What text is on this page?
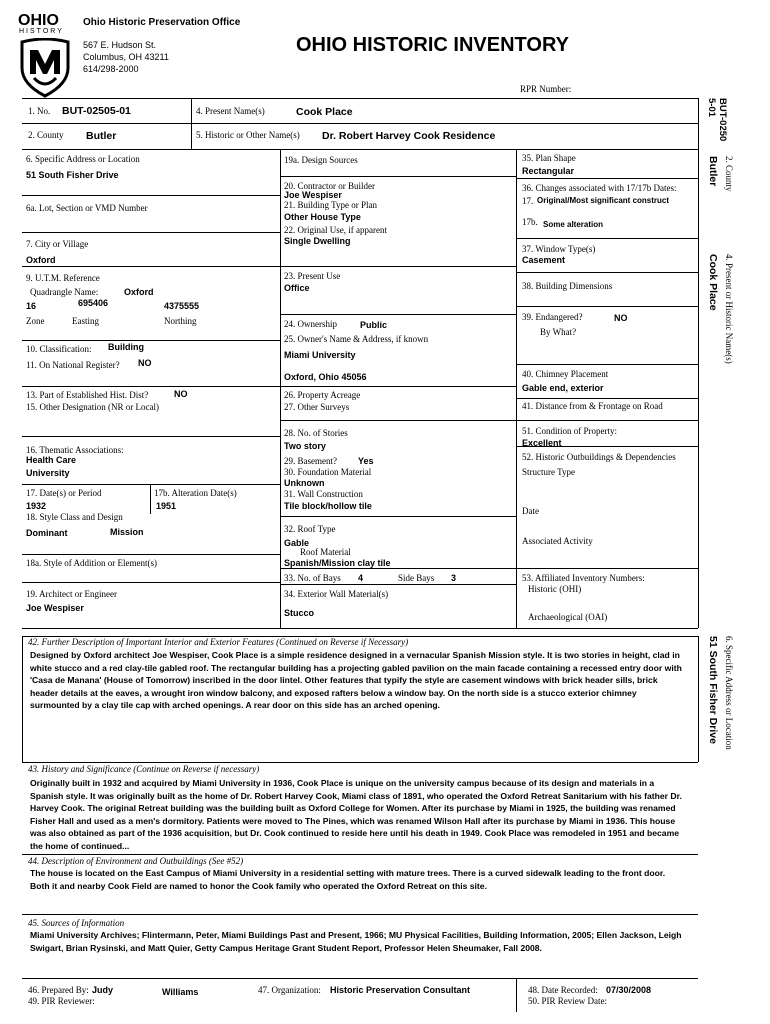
OHIO
HISTORY
Ohio Historic Preservation Office
567 E. Hudson St.
Columbus, OH 43211
614/298-2000
OHIO HISTORIC INVENTORY
RPR Number:
1. No. BUT-02505-01	4. Present Name(s)	Cook Place
2. County Butler	5. Historic or Other Name(s) Dr. Robert Harvey Cook Residence
6. Specific Address or Location
51 South Fisher Drive
6a. Lot, Section or VMD Number
7. City or Village
Oxford
9. U.T.M. Reference
Quadrangle Name:	Oxford
16	695406	4375555
Zone	Easting	Northing
10. Classification: Building
11. On National Register? NO
13. Part of Established Hist. Dist?	NO
15. Other Designation (NR or Local)
16. Thematic Associations:
Health Care
University
17. Date(s) or Period
1932
17b. Alteration Date(s)
1951
18. Style Class and Design
Dominant	Mission
18a. Style of Addition or Element(s)
19. Architect or Engineer
Joe Wespiser
19a. Design Sources
20. Contractor or Builder
Joe Wespiser
21. Building Type or Plan
Other House Type
22. Original Use, if apparent
Single Dwelling
23. Present Use
Office
24. Ownership	Public
25. Owner's Name & Address, if known
Miami University
Oxford, Ohio 45056
26. Property Acreage
27. Other Surveys
28. No. of Stories
Two story
29. Basement? Yes
30. Foundation Material
Unknown
31. Wall Construction
Tile block/hollow tile
32. Roof Type
Gable
Roof Material
Spanish/Mission clay tile
33. No. of Bays 4	Side Bays 3
34. Exterior Wall Material(s)
Stucco
35. Plan Shape
Rectangular
36. Changes associated with 17/17b Dates:
17. Original/Most significant construct
17b. Some alteration
37. Window Type(s)
Casement
38. Building Dimensions
39. Endangered?	NO
By What?
40. Chimney Placement
Gable end, exterior
41. Distance from & Frontage on Road
51. Condition of Property:
Excellent
52. Historic Outbuildings & Dependencies
Structure Type
Date
Associated Activity
53. Affiliated Inventory Numbers:
Historic (OHI)
Archaeological (OAI)
BUT-0250 5-01
2. County
Butler
4. Present or Historic Name(s)
Cook Place
6. Specific Address or Location
51 South Fisher Drive
42. Further Description of Important Interior and Exterior Features (Continued on Reverse if Necessary)
Designed by Oxford architect Joe Wespiser, Cook Place is a simple residence designed in a vernacular Spanish Mission style. It is two stories in height, clad in white stucco and a red clay-tile gabled roof. The rectangular building has a projecting gabled pavilion on the main facade containing a recessed entry door with 'Casa de Manana' (House of Tomorrow) inscribed in the door lintel. Other features that typify the style are casement windows with brick header sills, brick header details at the eaves, a wrought iron window balcony, and exposed rafters below a window bay. On the north side is a stucco exterior chimney surmounted by a clay tile cap with arched openings. A rear door on this side has an arched opening.
43. History and Significance (Continue on Reverse if necessary)
Originally built in 1932 and acquired by Miami University in 1936, Cook Place is unique on the university campus because of its design and materials in a Spanish style. It was originally built as the home of Dr. Robert Harvey Cook, Miami class of 1891, who operated the Oxford Retreat Sanitarium with his father Dr. Harvey Cook. The original Retreat building was the building built as Oxford College for Women. After its purchase by Miami in 1925, the building was renamed Fisher Hall and used as a men's dormitory. Patients were moved to The Pines, which was renamed Wilson Hall after its purchase by Miami in 1936. This house was also obtained as part of the 1936 acquisition, but Dr. Cook continued to reside here until his death in 1949. Cook Place was remodeled in 1951 and became the home of continued...
44. Description of Environment and Outbuildings (See #52)
The house is located on the East Campus of Miami University in a residential setting with mature trees. There is a curved sidewalk leading to the front door. Both it and nearby Cook Field are named to honor the Cook family who operated the Oxford Retreat on this site.
45. Sources of Information
Miami University Archives; Flintermann, Peter, Miami Buildings Past and Present, 1966; MU Physical Facilities, Building Information, 2005; Ellen Jackson, Leigh Swigart, Brian Rysinski, and Matt Quier, Getty Campus Heritage Grant Student Report, Professor Helen Sheumaker, Fall 2008.
46. Prepared By: Judy	Williams	47. Organization: Historic Preservation Consultant	48. Date Recorded: 07/30/2008
49. PIR Reviewer:	50. PIR Review Date:
